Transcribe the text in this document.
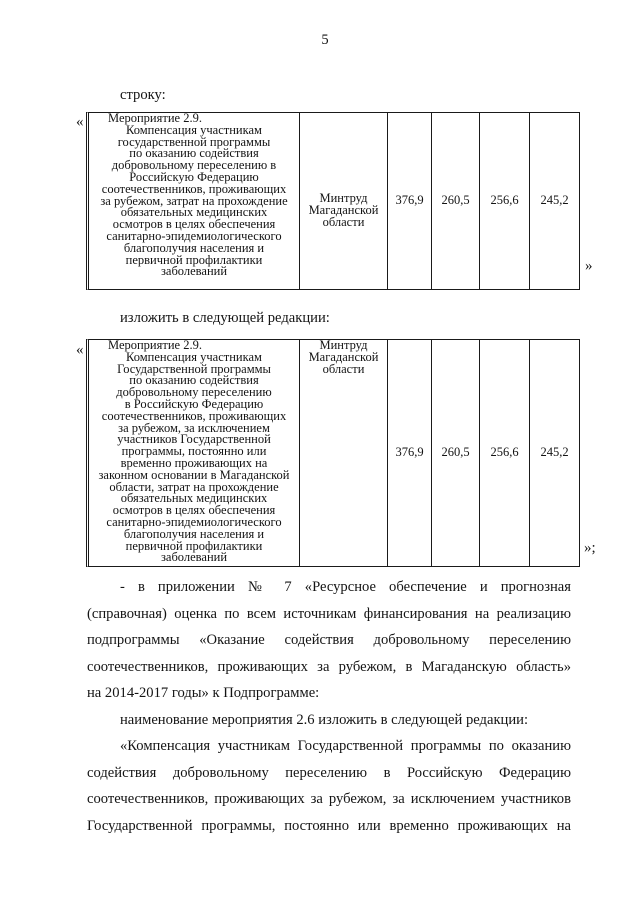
5
строку:
«	Мероприятие 2.9.
Компенсация участникам
государственной программы
по оказанию содействия
добровольному переселению в
Российскую Федерацию
соотечественников, проживающих
за рубежом, затрат на прохождение
обязательных медицинских
осмотров в целях обеспечения
санитарно-эпидемиологического
благополучия населения и
первичной профилактики
заболеваний
Минтруд
Магаданской
области
376,9 260,5 256,6 245,2
»
изложить в следующей редакции:
«	Мероприятие 2.9.
Компенсация участникам
Государственной программы
по оказанию содействия
добровольному переселению
в Российскую Федерацию
соотечественников, проживающих
за рубежом, за исключением
участников Государственной
программы, постоянно или
временно проживающих на
законном основании в Магаданской
области, затрат на прохождение
обязательных медицинских
осмотров в целях обеспечения
санитарно-эпидемиологического
благополучия населения и
первичной профилактики
заболеваний
Минтруд
Магаданской
области
376,9 260,5 256,6 245,2
»;
- в приложении № 7 «Ресурсное обеспечение и прогнозная
(справочная) оценка по всем источникам финансирования на реализацию
подпрограммы «Оказание содействия добровольному переселению
соотечественников, проживающих за рубежом, в Магаданскую область»
на 2014-2017 годы» к Подпрограмме:
наименование мероприятия 2.6 изложить в следующей редакции:
«Компенсация участникам Государственной программы по оказанию
содействия добровольному переселению в Российскую Федерацию
соотечественников, проживающих за рубежом, за исключением участников
Государственной программы, постоянно или временно проживающих на
